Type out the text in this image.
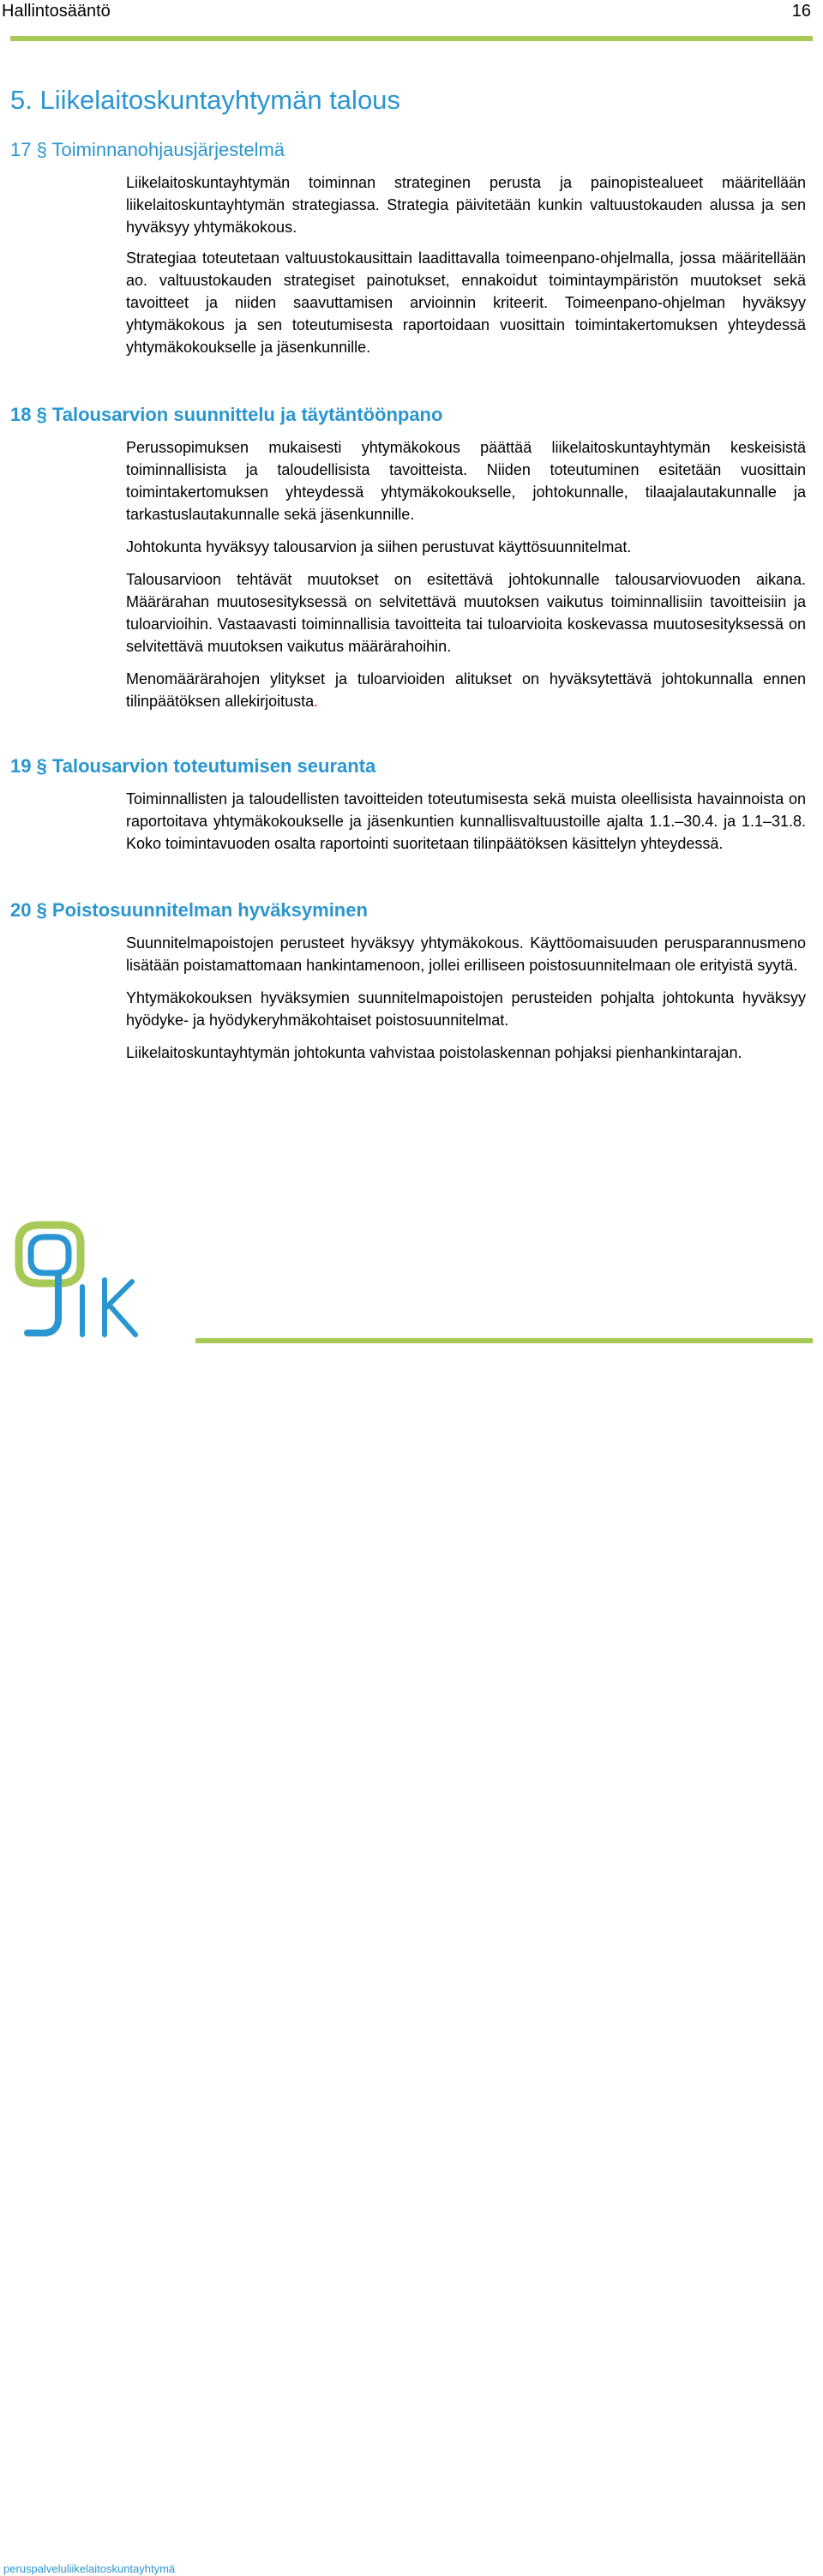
Hallintosääntö	16
5. Liikelaitoskuntayhtymän talous
17 § Toiminnanohjausjärjestelmä

Liikelaitoskuntayhtymän toiminnan strateginen perusta ja painopistealueet määritellään liikelaitoskuntayhtymän strategiassa. Strategia päivitetään kunkin valtuustokauden alussa ja sen hyväksyy yhtymäkokous.

Strategiaa toteutetaan valtuustokausittain laadittavalla toimeenpano-ohjelmalla, jossa määritellään ao. valtuustokauden strategiset painotukset, ennakoidut toimintaympäristön muutokset sekä tavoitteet ja niiden saavuttamisen arvioinnin kriteerit. Toimeenpano-ohjelman hyväksyy yhtymäkokous ja sen toteutumisesta raportoidaan vuosittain toimintakertomuksen yhteydessä yhtymäkokoukselle ja jäsenkunnille.

18 § Talousarvion suunnittelu ja täytäntöönpano

Perussopimuksen mukaisesti yhtymäkokous päättää liikelaitoskuntayhtymän keskeisistä toiminnallisista ja taloudellisista tavoitteista. Niiden toteutuminen esitetään vuosittain toimintakertomuksen yhteydessä yhtymäkokoukselle, johtokunnalle, tilaajalautakunnalle ja tarkastuslautakunnalle sekä jäsenkunnille.

Johtokunta hyväksyy talousarvion ja siihen perustuvat käyttösuunnitelmat.

Talousarvioon tehtävät muutokset on esitettävä johtokunnalle talousarviovuoden aikana. Määrärahan muutosesityksessä on selvitettävä muutoksen vaikutus toiminnallisiin tavoitteisiin ja tuloarvioihin. Vastaavasti toiminnallisia tavoitteita tai tuloarvioita koskevassa muutosesityksessä on selvitettävä muutoksen vaikutus määrärahoihin.

Menomäärärahojen ylitykset ja tuloarvioiden alitukset on hyväksytettävä johtokunnalla ennen tilinpäätöksen allekirjoitusta.

19 § Talousarvion toteutumisen seuranta

Toiminnallisten ja taloudellisten tavoitteiden toteutumisesta sekä muista oleellisista havainnoista on raportoitava yhtymäkokoukselle ja jäsenkuntien kunnallisvaltuustoille ajalta 1.1.–30.4. ja 1.1–31.8. Koko toimintavuoden osalta raportointi suoritetaan tilinpäätöksen käsittelyn yhteydessä.

20 § Poistosuunnitelman hyväksyminen

Suunnitelmapoistojen perusteet hyväksyy yhtymäkokous. Käyttöomaisuuden perusparannusmeno lisätään poistamattomaan hankintamenoon, jollei erilliseen poistosuunnitelmaan ole erityistä syytä.

Yhtymäkokouksen hyväksymien suunnitelmapoistojen perusteiden pohjalta johtokunta hyväksyy hyödyke- ja hyödykeryhmäkohtaiset poistosuunnitelmat.

Liikelaitoskuntayhtymän johtokunta vahvistaa poistolaskennan pohjaksi pienhankintarajan.

peruspalveluliikelaitoskuntayhtymä
